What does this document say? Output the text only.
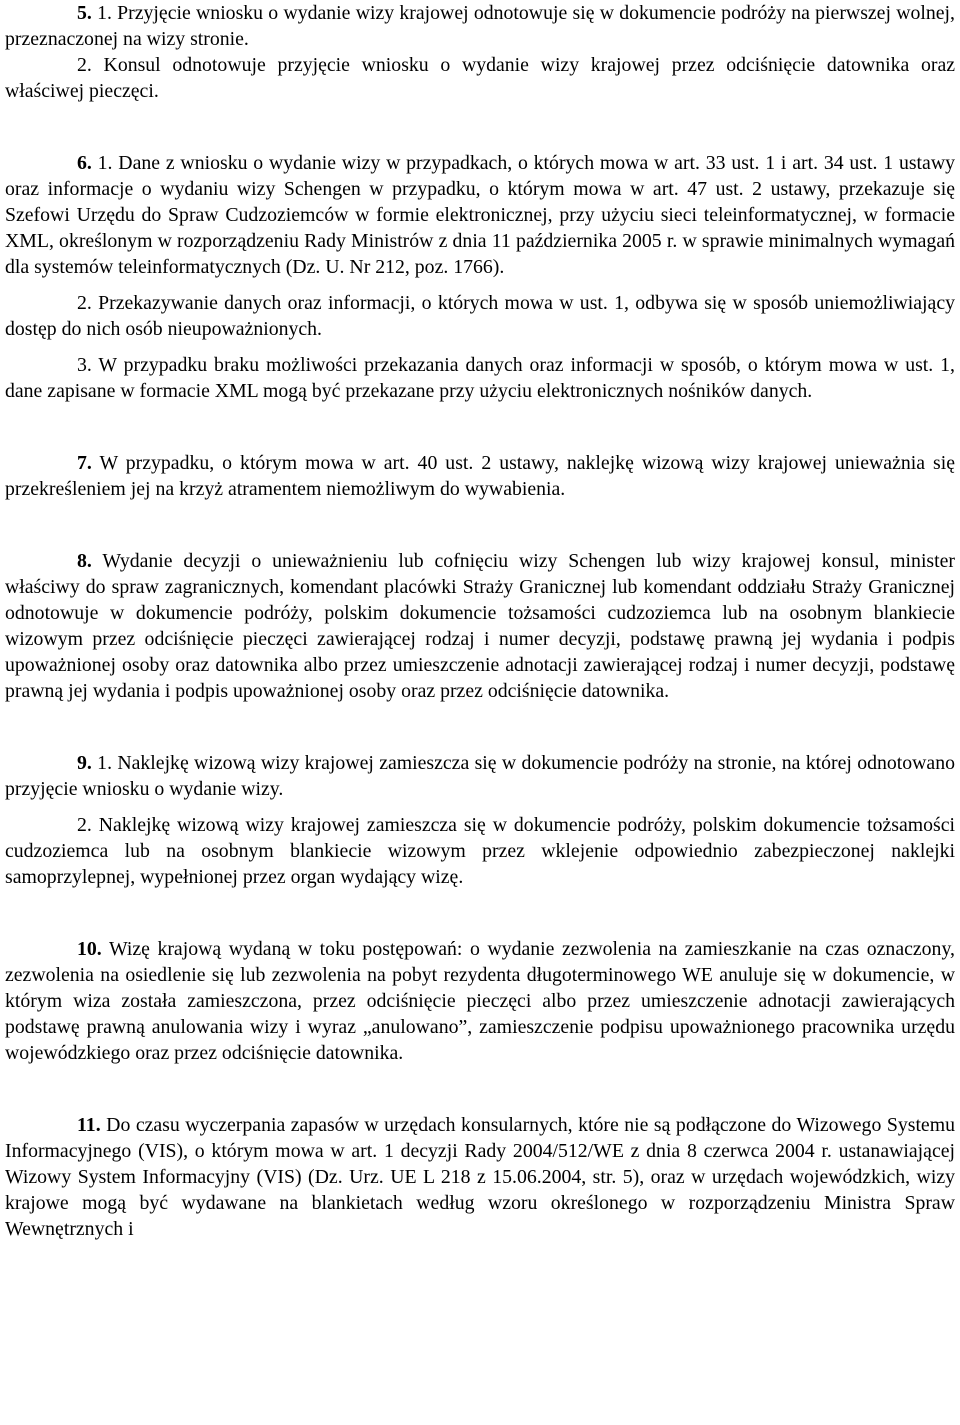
5. 1. Przyjęcie wniosku o wydanie wizy krajowej odnotowuje się w dokumencie podróży na pierwszej wolnej, przeznaczonej na wizy stronie.

2. Konsul odnotowuje przyjęcie wniosku o wydanie wizy krajowej przez odciśnięcie datownika oraz właściwej pieczęci.

6. 1. Dane z wniosku o wydanie wizy w przypadkach, o których mowa w art. 33 ust. 1 i art. 34 ust. 1 ustawy oraz informacje o wydaniu wizy Schengen w przypadku, o którym mowa w art. 47 ust. 2 ustawy, przekazuje się Szefowi Urzędu do Spraw Cudzoziemców w formie elektronicznej, przy użyciu sieci teleinformatycznej, w formacie XML, określonym w rozporządzeniu Rady Ministrów z dnia 11 października 2005 r. w sprawie minimalnych wymagań dla systemów teleinformatycznych (Dz. U. Nr 212, poz. 1766).

2. Przekazywanie danych oraz informacji, o których mowa w ust. 1, odbywa się w sposób uniemożliwiający dostęp do nich osób nieupoważnionych.

3. W przypadku braku możliwości przekazania danych oraz informacji w sposób, o którym mowa w ust. 1, dane zapisane w formacie XML mogą być przekazane przy użyciu elektronicznych nośników danych.

7. W przypadku, o którym mowa w art. 40 ust. 2 ustawy, naklejkę wizową wizy krajowej unieważnia się przekreśleniem jej na krzyż atramentem niemożliwym do wywabienia.

8. Wydanie decyzji o unieważnieniu lub cofnięciu wizy Schengen lub wizy krajowej konsul, minister właściwy do spraw zagranicznych, komendant placówki Straży Granicznej lub komendant oddziału Straży Granicznej odnotowuje w dokumencie podróży, polskim dokumencie tożsamości cudzoziemca lub na osobnym blankiecie wizowym przez odciśnięcie pieczęci zawierającej rodzaj i numer decyzji, podstawę prawną jej wydania i podpis upoważnionej osoby oraz datownika albo przez umieszczenie adnotacji zawierającej rodzaj i numer decyzji, podstawę prawną jej wydania i podpis upoważnionej osoby oraz przez odciśnięcie datownika.

9. 1. Naklejkę wizową wizy krajowej zamieszcza się w dokumencie podróży na stronie, na której odnotowano przyjęcie wniosku o wydanie wizy.

2. Naklejkę wizową wizy krajowej zamieszcza się w dokumencie podróży, polskim dokumencie tożsamości cudzoziemca lub na osobnym blankiecie wizowym przez wklejenie odpowiednio zabezpieczonej naklejki samoprzylepnej, wypełnionej przez organ wydający wizę.

10. Wizę krajową wydaną w toku postępowań: o wydanie zezwolenia na zamieszkanie na czas oznaczony, zezwolenia na osiedlenie się lub zezwolenia na pobyt rezydenta długoterminowego WE anuluje się w dokumencie, w którym wiza została zamieszczona, przez odciśnięcie pieczęci albo przez umieszczenie adnotacji zawierających podstawę prawną anulowania wizy i wyraz „anulowano”, zamieszczenie podpisu upoważnionego pracownika urzędu wojewódzkiego oraz przez odciśnięcie datownika.

11. Do czasu wyczerpania zapasów w urzędach konsularnych, które nie są podłączone do Wizowego Systemu Informacyjnego (VIS), o którym mowa w art. 1 decyzji Rady 2004/512/WE z dnia 8 czerwca 2004 r. ustanawiającej Wizowy System Informacyjny (VIS) (Dz. Urz. UE L 218 z 15.06.2004, str. 5), oraz w urzędach wojewódzkich, wizy krajowe mogą być wydawane na blankietach według wzoru określonego w rozporządzeniu Ministra Spraw Wewnętrznych i
